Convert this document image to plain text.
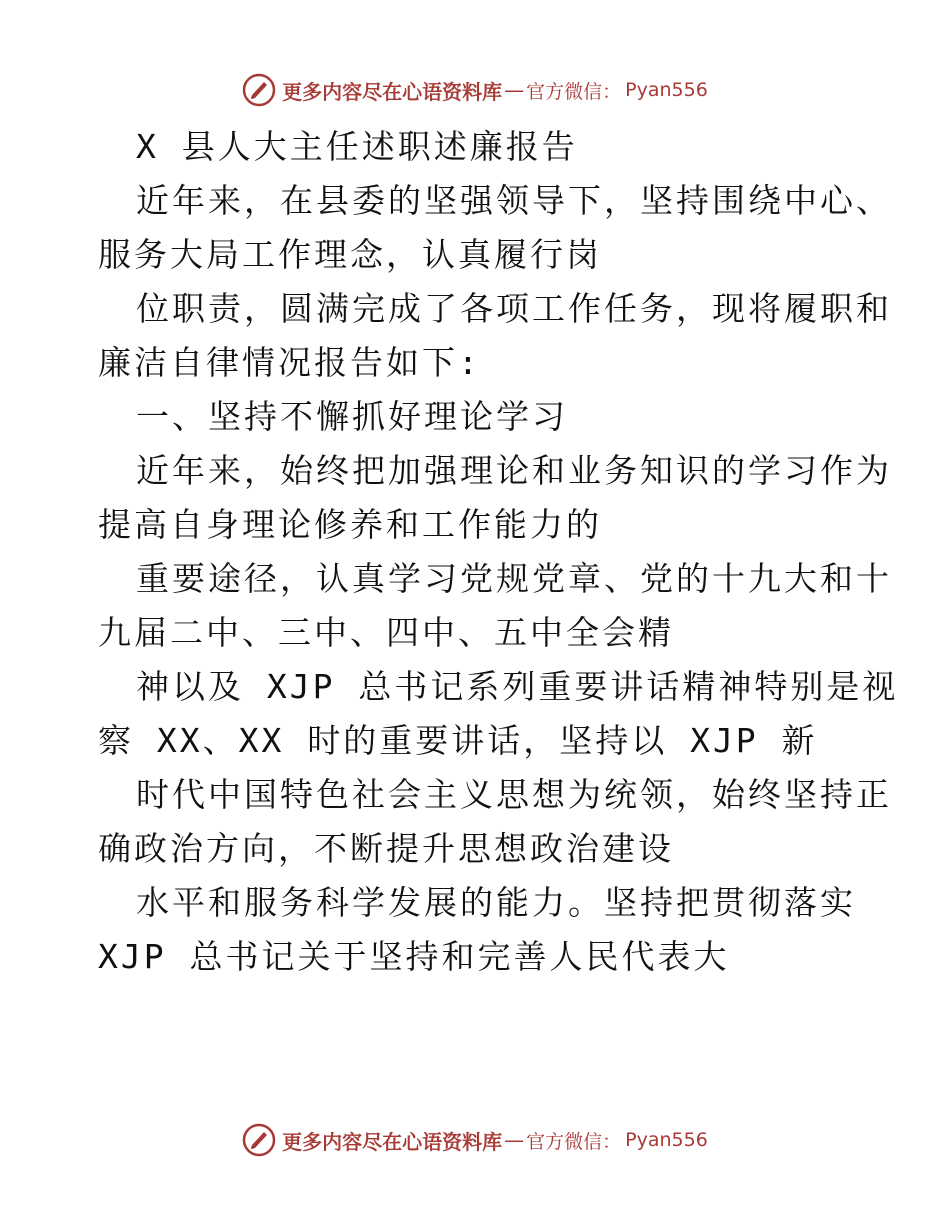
更多内容尽在心语资料库 — 官方微信： Pyan556
X 县人大主任述职述廉报告
近年来，在县委的坚强领导下，坚持围绕中心、
服务大局工作理念，认真履行岗
位职责，圆满完成了各项工作任务，现将履职和
廉洁自律情况报告如下:
一、坚持不懈抓好理论学习
近年来，始终把加强理论和业务知识的学习作为
提高自身理论修养和工作能力的
重要途径，认真学习党规党章、党的十九大和十
九届二中、三中、四中、五中全会精
神以及 XJP 总书记系列重要讲话精神特别是视
察 XX、XX 时的重要讲话，坚持以 XJP 新
时代中国特色社会主义思想为统领，始终坚持正
确政治方向，不断提升思想政治建设
水平和服务科学发展的能力。坚持把贯彻落实
XJP 总书记关于坚持和完善人民代表大
更多内容尽在心语资料库 — 官方微信： Pyan556
